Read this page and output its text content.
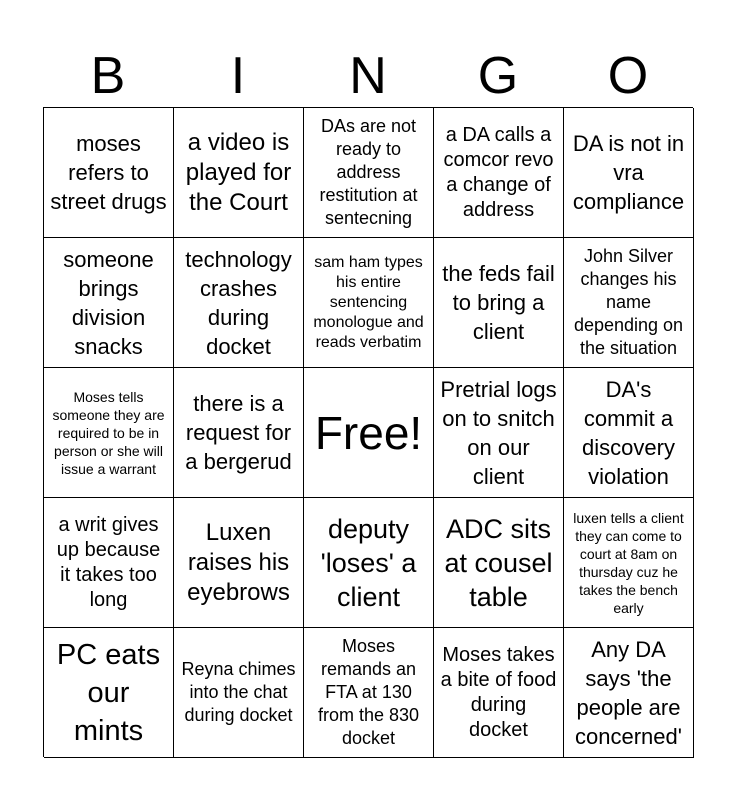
B	I	N	G	O
moses refers to street drugs
a video is played for the Court
DAs are not ready to address restitution at sentecning
a DA calls a comcor revo a change of address
DA is not in vra compliance
someone brings division snacks
technology crashes during docket
sam ham types his entire sentencing monologue and reads verbatim
the feds fail to bring a client
John Silver changes his name depending on the situation
Moses tells someone they are required to be in person or she will issue a warrant
there is a request for a bergerud
Free!
Pretrial logs on to snitch on our client
DA's commit a discovery violation
a writ gives up because it takes too long
Luxen raises his eyebrows
deputy 'loses' a client
ADC sits at cousel table
luxen tells a client they can come to court at 8am on thursday cuz he takes the bench early
PC eats our mints
Reyna chimes into the chat during docket
Moses remands an FTA at 130 from the 830 docket
Moses takes a bite of food during docket
Any DA says 'the people are concerned'
